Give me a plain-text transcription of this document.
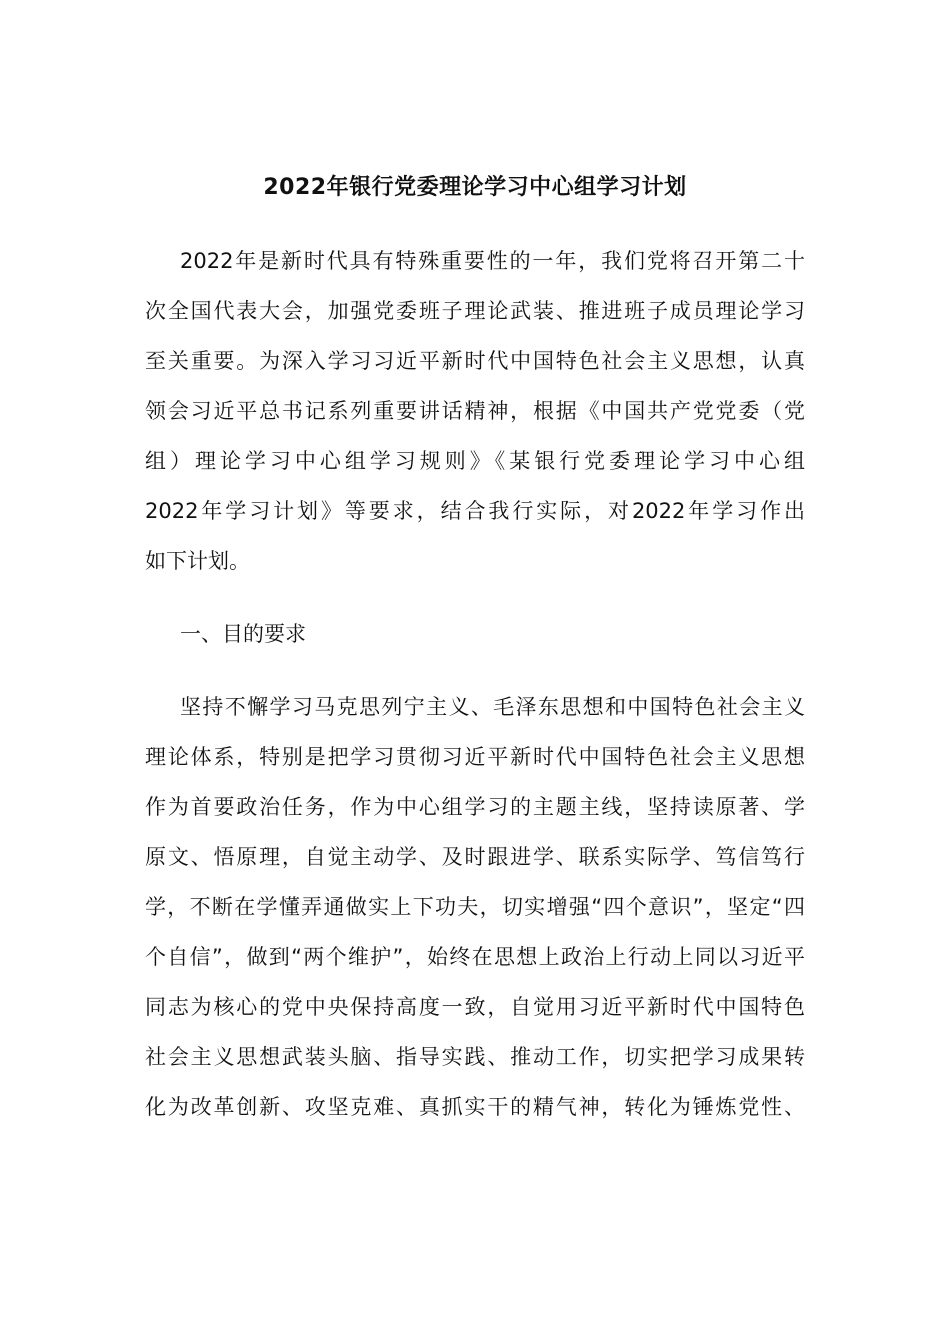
2022年银行党委理论学习中心组学习计划
2022年是新时代具有特殊重要性的一年，我们党将召开第二十
次全国代表大会，加强党委班子理论武装、推进班子成员理论学习
至关重要。为深入学习习近平新时代中国特色社会主义思想，认真
领会习近平总书记系列重要讲话精神，根据《中国共产党党委（党
组）理论学习中心组学习规则》《某银行党委理论学习中心组
2022年学习计划》等要求，结合我行实际，对2022年学习作出
如下计划。
一、目的要求
坚持不懈学习马克思列宁主义、毛泽东思想和中国特色社会主义
理论体系，特别是把学习贯彻习近平新时代中国特色社会主义思想
作为首要政治任务，作为中心组学习的主题主线，坚持读原著、学
原文、悟原理，自觉主动学、及时跟进学、联系实际学、笃信笃行
学，不断在学懂弄通做实上下功夫，切实增强“四个意识”，坚定“四
个自信”，做到“两个维护”，始终在思想上政治上行动上同以习近平
同志为核心的党中央保持高度一致，自觉用习近平新时代中国特色
社会主义思想武装头脑、指导实践、推动工作，切实把学习成果转
化为改革创新、攻坚克难、真抓实干的精气神，转化为锤炼党性、
